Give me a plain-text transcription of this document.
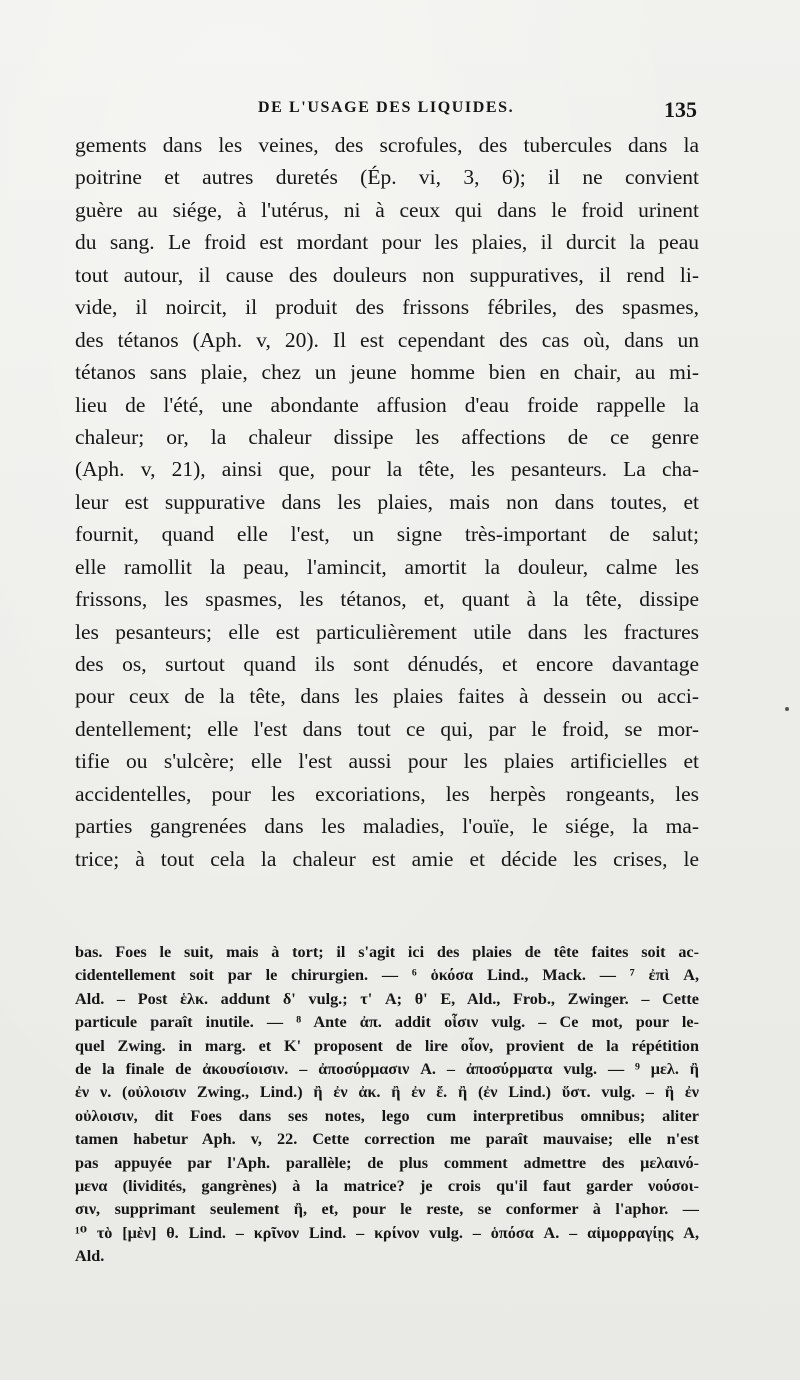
DE L'USAGE DES LIQUIDES.	135
gements dans les veines, des scrofules, des tubercules dans la
poitrine et autres duretés (Ép. vi, 3, 6); il ne convient
guère au siége, à l'utérus, ni à ceux qui dans le froid urinent
du sang. Le froid est mordant pour les plaies, il durcit la peau
tout autour, il cause des douleurs non suppuratives, il rend li-
vide, il noircit, il produit des frissons fébriles, des spasmes,
des tétanos (Aph. v, 20). Il est cependant des cas où, dans un
tétanos sans plaie, chez un jeune homme bien en chair, au mi-
lieu de l'été, une abondante affusion d'eau froide rappelle la
chaleur; or, la chaleur dissipe les affections de ce genre
(Aph. v, 21), ainsi que, pour la tête, les pesanteurs. La cha-
leur est suppurative dans les plaies, mais non dans toutes, et
fournit, quand elle l'est, un signe très-important de salut;
elle ramollit la peau, l'amincit, amortit la douleur, calme les
frissons, les spasmes, les tétanos, et, quant à la tête, dissipe
les pesanteurs; elle est particulièrement utile dans les fractures
des os, surtout quand ils sont dénudés, et encore davantage
pour ceux de la tête, dans les plaies faites à dessein ou acci-
dentellement; elle l'est dans tout ce qui, par le froid, se mor-
tifie ou s'ulcère; elle l'est aussi pour les plaies artificielles et
accidentelles, pour les excoriations, les herpès rongeants, les
parties gangrenées dans les maladies, l'ouïe, le siége, la ma-
trice; à tout cela la chaleur est amie et décide les crises, le
bas. Foes le suit, mais à tort; il s'agit ici des plaies de tête faites soit ac-
cidentellement soit par le chirurgien. — ⁶ ὁκόσα Lind., Mack. — ⁷ ἐπὶ A,
Ald. – Post ἑλκ. addunt δ' vulg.; τ' A; θ' E, Ald., Frob., Zwinger. – Cette
particule paraît inutile. — ⁸ Ante ἀπ. addit οἷσιν vulg. – Ce mot, pour le-
quel Zwing. in marg. et K' proposent de lire οἷον, provient de la répétition
de la finale de ἀκουσίοισιν. – ἀποσύρμασιν A. – ἀποσύρματα vulg. — ⁹ μελ. ἢ
ἐν ν. (οὐλοισιν Zwing., Lind.) ἢ ἐν ἀκ. ἢ ἐν ἔ. ἢ (ἐν Lind.) ὕστ. vulg. – ἢ ἐν
οὐλοισιν, dit Foes dans ses notes, lego cum interpretibus omnibus; aliter
tamen habetur Aph. v, 22. Cette correction me paraît mauvaise; elle n'est
pas appuyée par l'Aph. parallèle; de plus comment admettre des μελαινό-
μενα (lividités, gangrènes) à la matrice? je crois qu'il faut garder νούσοι-
σιν, supprimant seulement ἢ, et, pour le reste, se conformer à l'aphor. —
¹⁰ τὸ [μὲν] θ. Lind. – κρῖνον Lind. – κρίνον vulg. – ὁπόσα A. – αἱμορραγίῃς A,
Ald.
